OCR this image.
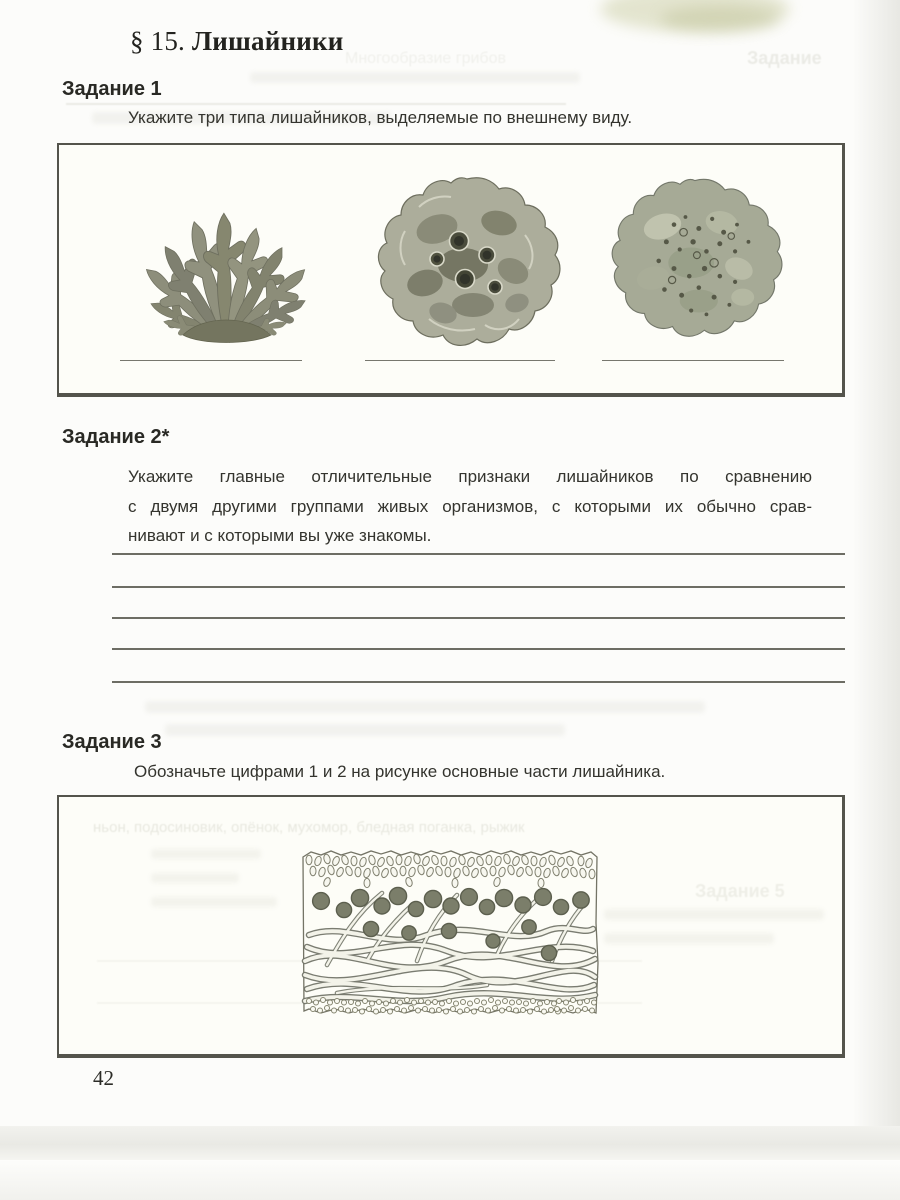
Задание
Многообразие грибов
§ 15. Лишайники
Задание 1
Укажите три типа лишайников, выделяемые по внешнему виду.
Задание 2*
Укажите главные отличительные признаки лишайников по сравнению
с двумя другими группами живых организмов, с которыми их обычно срав-
нивают и с которыми вы уже знакомы.
Задание 3
Обозначьте цифрами 1 и 2 на рисунке основные части лишайника.
ньон, подосиновик, опёнок, мухомор, бледная поганка, рыжик
Задание 5
42
